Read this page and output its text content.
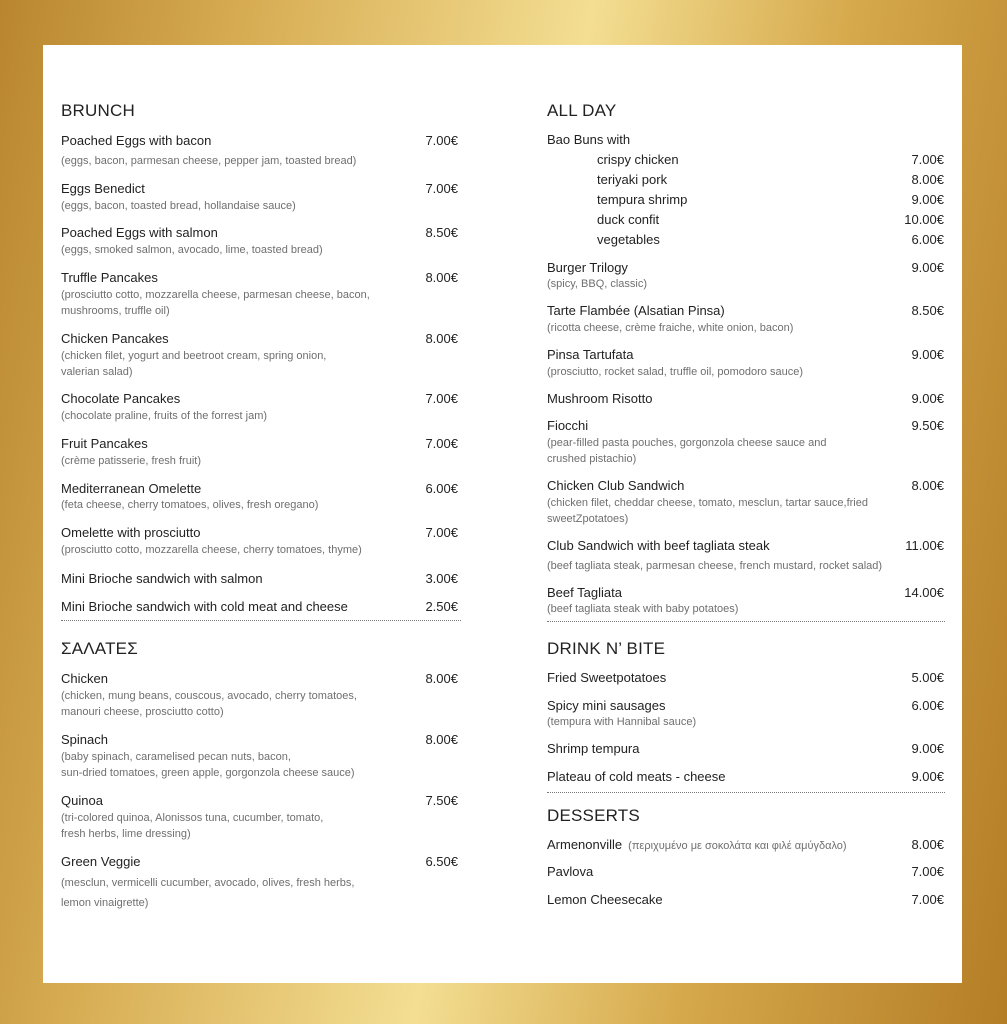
BRUNCH
Poached Eggs with bacon	7.00€
(eggs, bacon, parmesan cheese, pepper jam, toasted bread)
Eggs Benedict	7.00€
(eggs, bacon, toasted bread, hollandaise sauce)
Poached Eggs with salmon	8.50€
(eggs, smoked salmon, avocado, lime, toasted bread)
Truffle Pancakes	8.00€
(prosciutto cotto, mozzarella cheese, parmesan cheese, bacon,
mushrooms, truffle oil)
Chicken Pancakes	8.00€
(chicken filet, yogurt and beetroot cream, spring onion,
valerian salad)
Chocolate Pancakes	7.00€
(chocolate praline, fruits of the forrest jam)
Fruit Pancakes	7.00€
(crème patisserie, fresh fruit)
Mediterranean Omelette	6.00€
(feta cheese, cherry tomatoes, olives, fresh oregano)
Omelette with prosciutto	7.00€
(prosciutto cotto, mozzarella cheese, cherry tomatoes, thyme)
Mini Brioche sandwich with salmon	3.00€
Mini Brioche sandwich with cold meat and cheese	2.50€
ΣΑΛΑΤΕΣ
Chicken	8.00€
(chicken, mung beans, couscous, avocado, cherry tomatoes,
manouri cheese, prosciutto cotto)
Spinach	8.00€
(baby spinach, caramelised pecan nuts, bacon,
sun-dried tomatoes, green apple, gorgonzola cheese sauce)
Quinoa	7.50€
(tri-colored quinoa, Alonissos tuna, cucumber, tomato,
fresh herbs, lime dressing)
Green Veggie	6.50€
(mesclun, vermicelli cucumber, avocado, olives, fresh herbs,
lemon vinaigrette)
ALL DAY
Bao Buns with
crispy chicken	7.00€
teriyaki pork	8.00€
tempura shrimp	9.00€
duck confit	10.00€
vegetables	6.00€
Burger Trilogy	9.00€
(spicy, BBQ, classic)
Tarte Flambée (Alsatian Pinsa)	8.50€
(ricotta cheese, crème fraiche, white onion, bacon)
Pinsa Tartufata	9.00€
(prosciutto, rocket salad, truffle oil, pomodoro sauce)
Mushroom Risotto	9.00€
Fiocchi	9.50€
(pear-filled pasta pouches, gorgonzola cheese sauce and
crushed pistachio)
Chicken Club Sandwich	8.00€
(chicken filet, cheddar cheese, tomato, mesclun, tartar sauce,fried
sweetZpotatoes)
Club Sandwich with beef tagliata steak	11.00€
(beef tagliata steak, parmesan cheese, french mustard, rocket salad)
Beef Tagliata	14.00€
(beef tagliata steak with baby potatoes)
DRINK N’ BITE
Fried Sweetpotatoes	5.00€
Spicy mini sausages	6.00€
(tempura with Hannibal sauce)
Shrimp tempura	9.00€
Plateau of cold meats - cheese	9.00€
DESSERTS
Armenonville (περιχυμένο με σοκολάτα και φιλέ αμύγδαλο)	8.00€
Pavlova	7.00€
Lemon Cheesecake	7.00€
